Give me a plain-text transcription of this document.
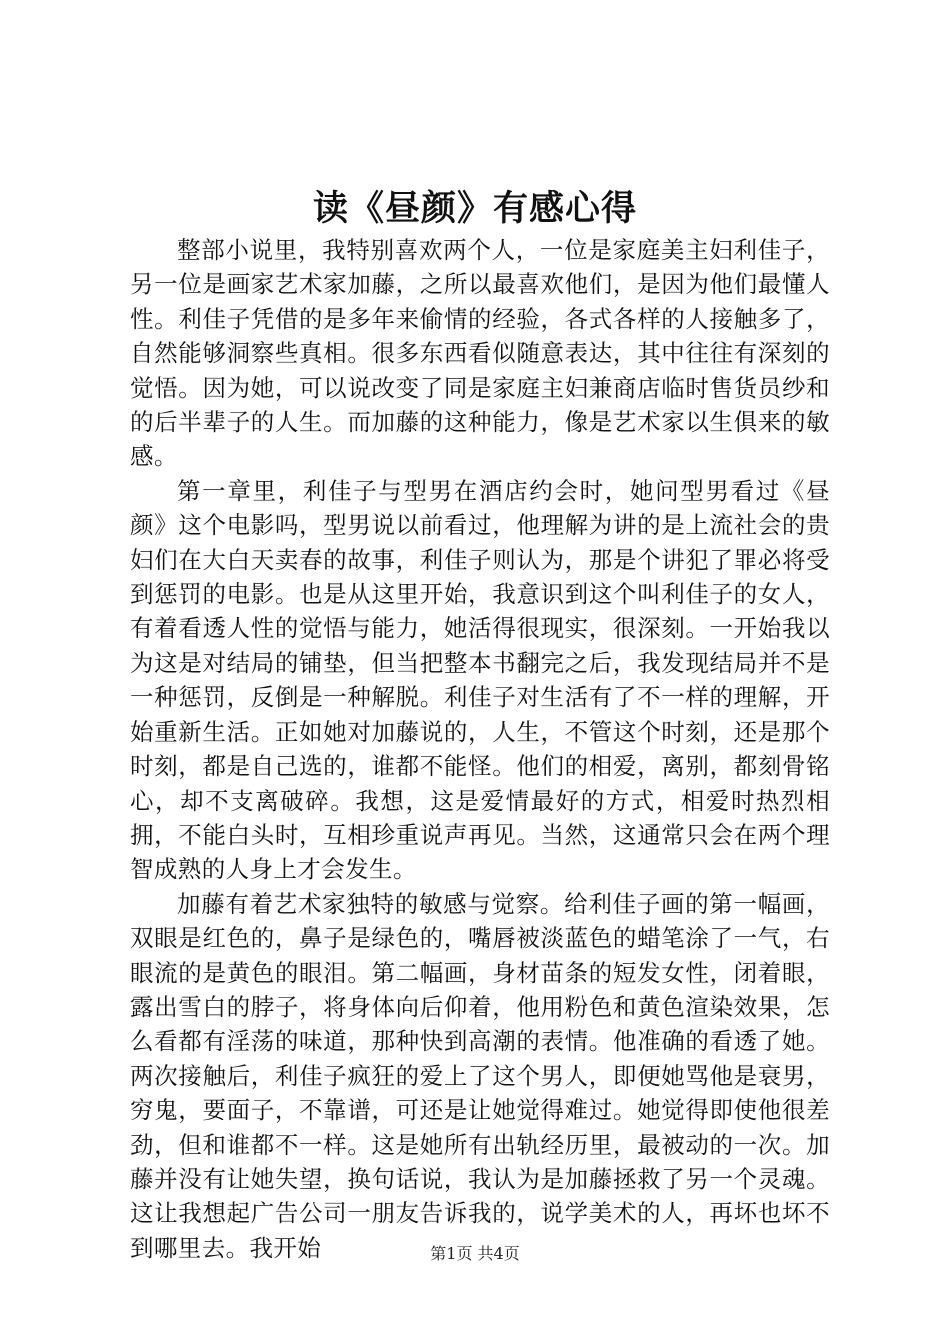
读《昼颜》有感心得

整部小说里，我特别喜欢两个人，一位是家庭美主妇利佳子，另一位是画家艺术家加藤，之所以最喜欢他们，是因为他们最懂人性。利佳子凭借的是多年来偷情的经验，各式各样的人接触多了，自然能够洞察些真相。很多东西看似随意表达，其中往往有深刻的觉悟。因为她，可以说改变了同是家庭主妇兼商店临时售货员纱和的后半辈子的人生。而加藤的这种能力，像是艺术家以生俱来的敏感。

第一章里，利佳子与型男在酒店约会时，她问型男看过《昼颜》这个电影吗，型男说以前看过，他理解为讲的是上流社会的贵妇们在大白天卖春的故事，利佳子则认为，那是个讲犯了罪必将受到惩罚的电影。也是从这里开始，我意识到这个叫利佳子的女人，有着看透人性的觉悟与能力，她活得很现实，很深刻。一开始我以为这是对结局的铺垫，但当把整本书翻完之后，我发现结局并不是一种惩罚，反倒是一种解脱。利佳子对生活有了不一样的理解，开始重新生活。正如她对加藤说的，人生，不管这个时刻，还是那个时刻，都是自己选的，谁都不能怪。他们的相爱，离别，都刻骨铭心，却不支离破碎。我想，这是爱情最好的方式，相爱时热烈相拥，不能白头时，互相珍重说声再见。当然，这通常只会在两个理智成熟的人身上才会发生。

加藤有着艺术家独特的敏感与觉察。给利佳子画的第一幅画，双眼是红色的，鼻子是绿色的，嘴唇被淡蓝色的蜡笔涂了一气，右眼流的是黄色的眼泪。第二幅画，身材苗条的短发女性，闭着眼，露出雪白的脖子，将身体向后仰着，他用粉色和黄色渲染效果，怎么看都有淫荡的味道，那种快到高潮的表情。他准确的看透了她。两次接触后，利佳子疯狂的爱上了这个男人，即便她骂他是衰男，穷鬼，要面子，不靠谱，可还是让她觉得难过。她觉得即使他很差劲，但和谁都不一样。这是她所有出轨经历里，最被动的一次。加藤并没有让她失望，换句话说，我认为是加藤拯救了另一个灵魂。这让我想起广告公司一朋友告诉我的，说学美术的人，再坏也坏不到哪里去。我开始	第1页 共4页
